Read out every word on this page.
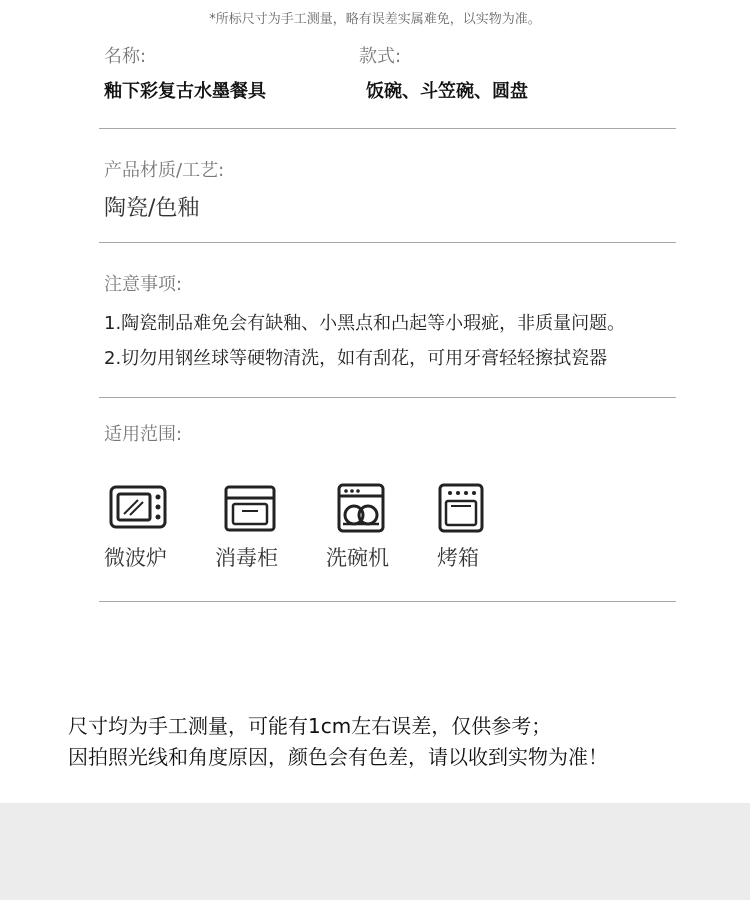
*所标尺寸为手工测量，略有误差实属难免，以实物为准。
名称:
釉下彩复古水墨餐具
款式:
饭碗、斗笠碗、圆盘
产品材质/工艺:
陶瓷/色釉
注意事项:
1.陶瓷制品难免会有缺釉、小黑点和凸起等小瑕疵，非质量问题。
2.切勿用钢丝球等硬物清洗，如有刮花，可用牙膏轻轻擦拭瓷器
适用范围:
微波炉 消毒柜 洗碗机 烤箱
尺寸均为手工测量，可能有1cm左右误差，仅供参考；
因拍照光线和角度原因，颜色会有色差，请以收到实物为准！
